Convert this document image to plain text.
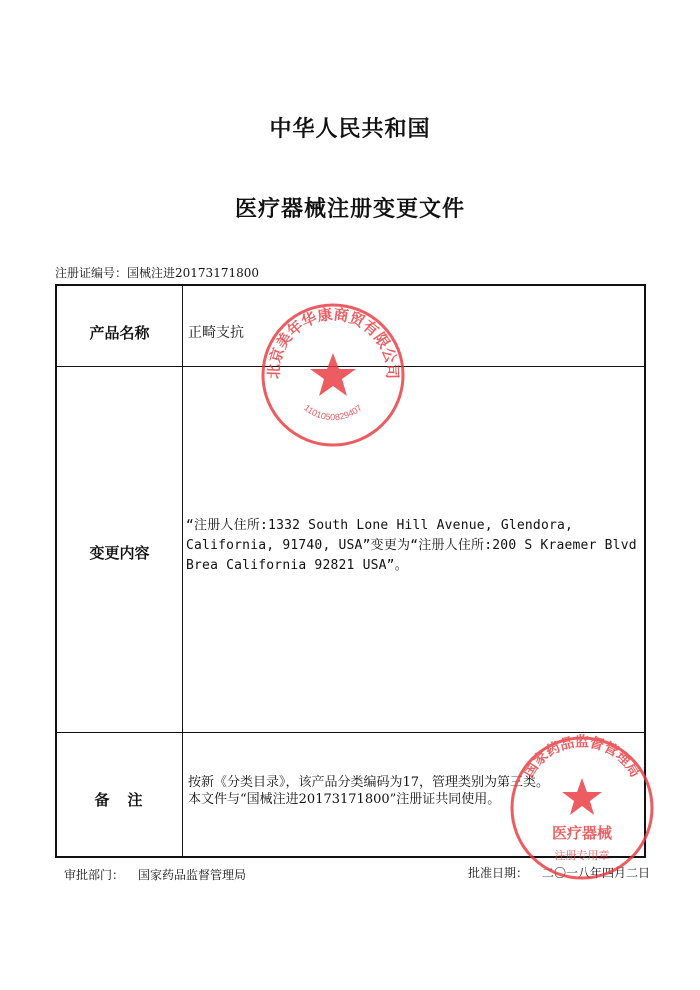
中华人民共和国
医疗器械注册变更文件
注册证编号：国械注进20173171800
产品名称	正畸支抗
变更内容
“注册人住所:1332 South Lone Hill Avenue, Glendora, California, 91740, USA”变更为“注册人住所:200 S Kraemer Blvd Brea California 92821 USA”。
备注
按新《分类目录》，该产品分类编码为17，管理类别为第三类。
本文件与“国械注进20173171800”注册证共同使用。
审批部门： 国家药品监督管理局	批准日期： 二〇一八年四月二日
北京美年华康商贸有限公司
1101050829407
国家药品监督管理局
医疗器械
注册专用章
